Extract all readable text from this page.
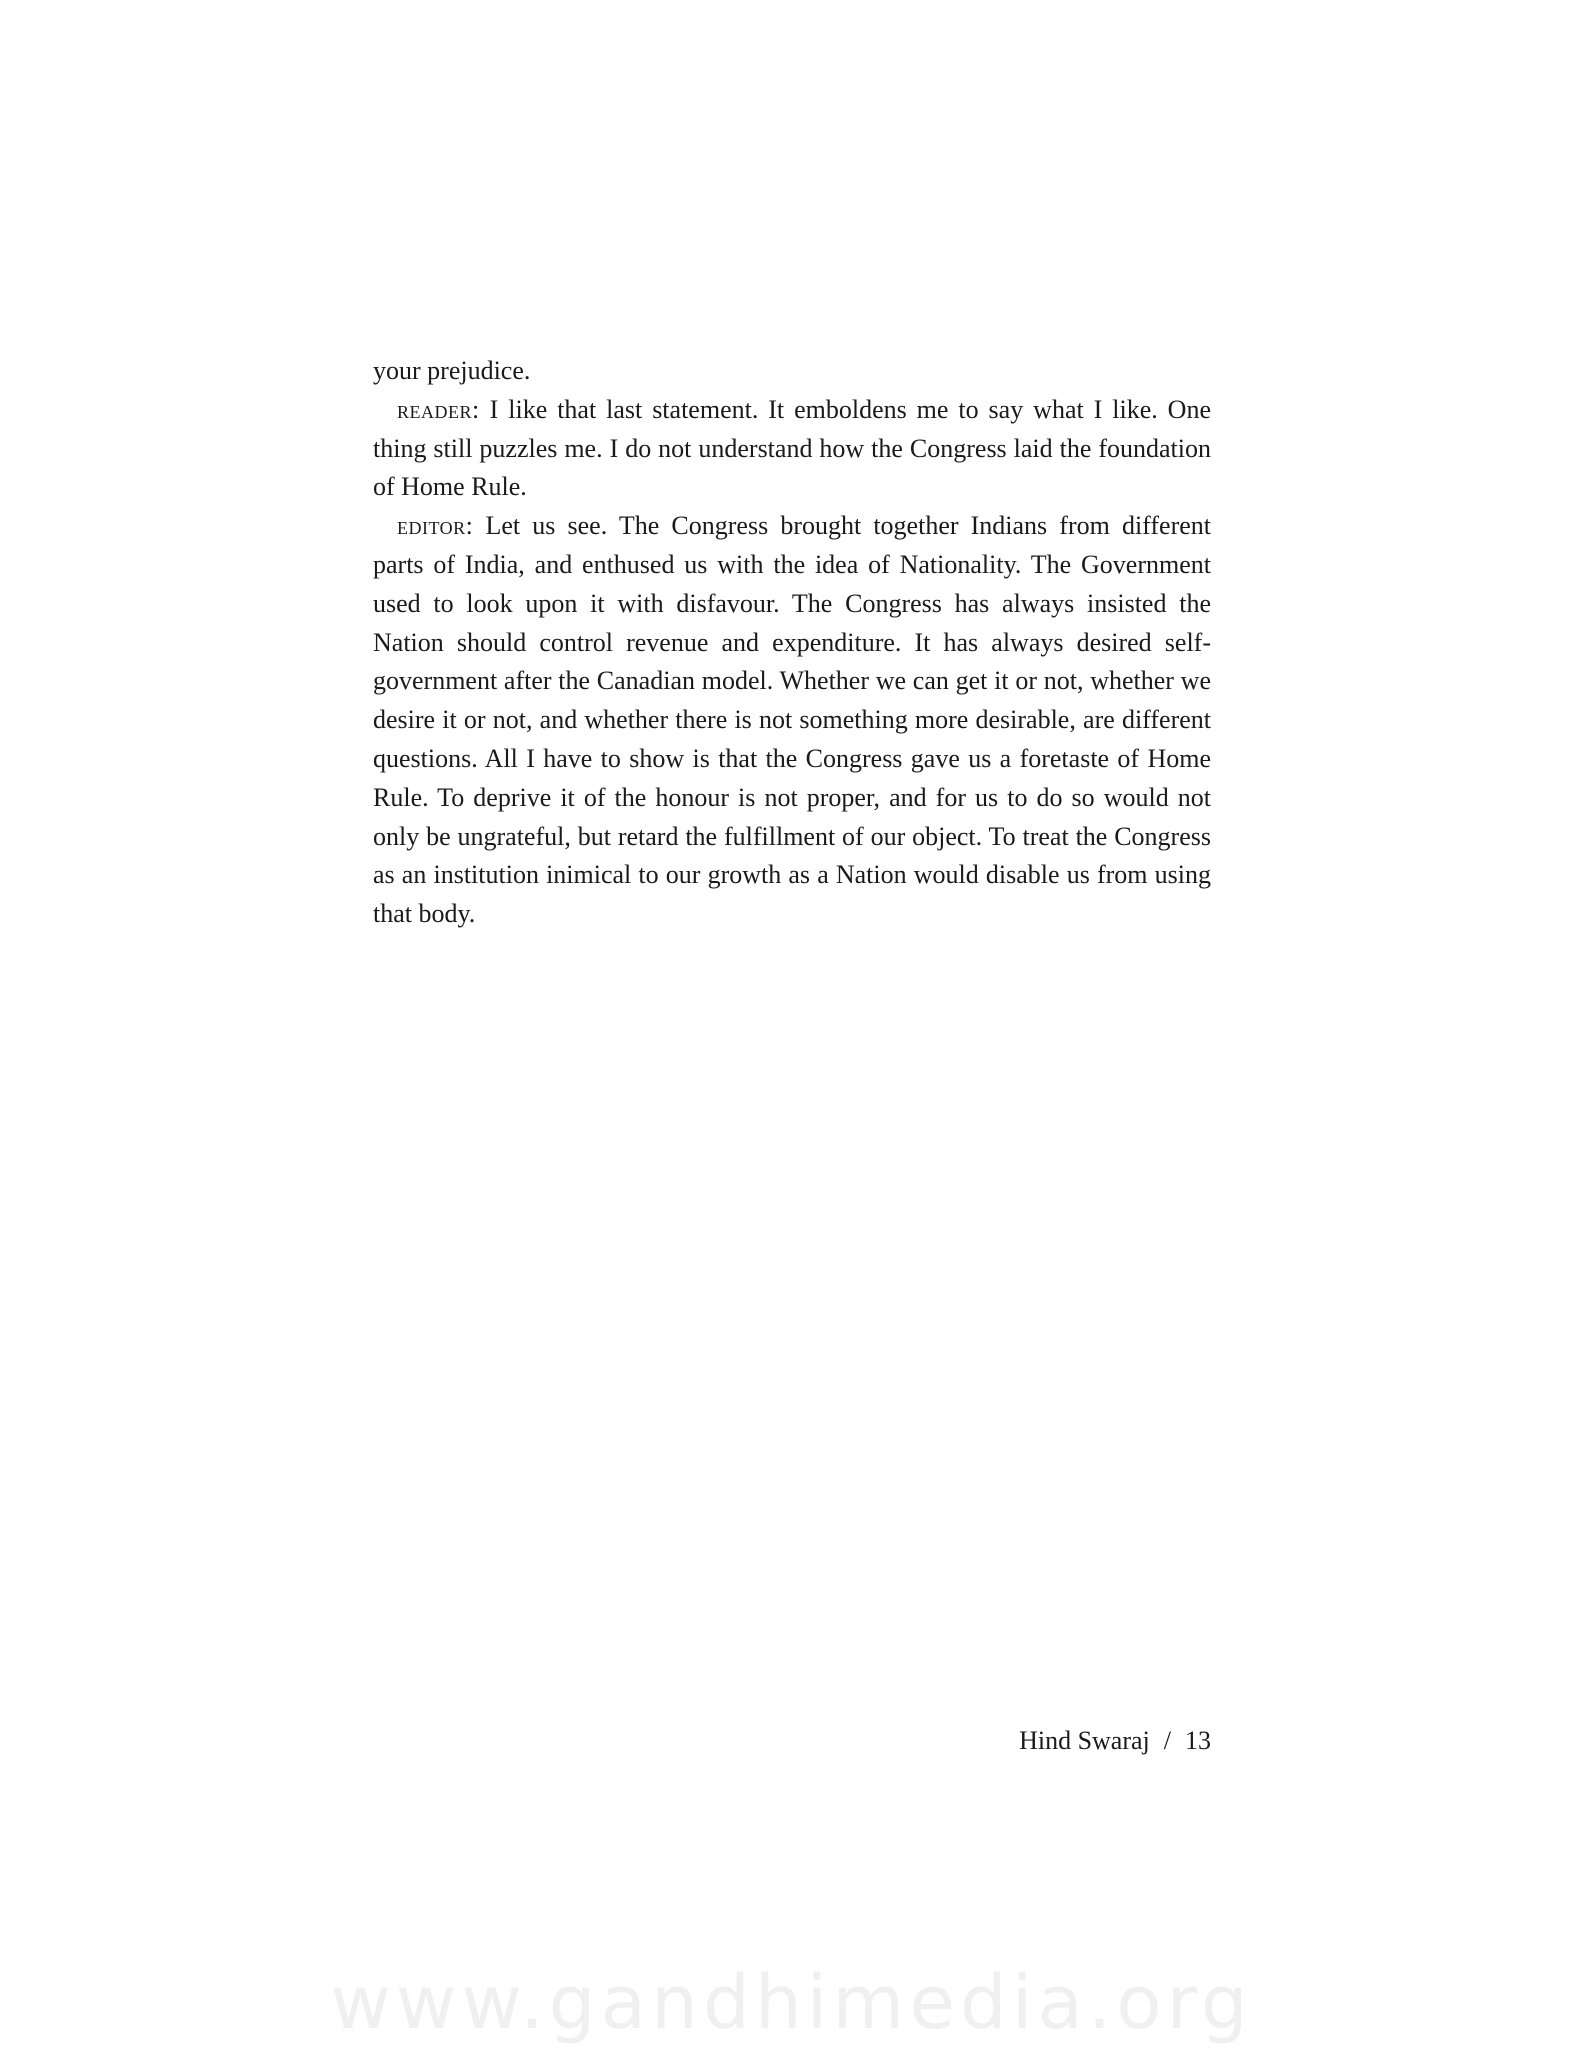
your prejudice.

reader: I like that last statement. It emboldens me to say what I like. One thing still puzzles me. I do not understand how the Congress laid the foundation of Home Rule.

editor: Let us see. The Congress brought together Indians from different parts of India, and enthused us with the idea of Nationality. The Government used to look upon it with disfavour. The Congress has always insisted the Nation should control revenue and expenditure. It has always desired self-government after the Canadian model. Whether we can get it or not, whether we desire it or not, and whether there is not something more desirable, are different questions. All I have to show is that the Congress gave us a foretaste of Home Rule. To deprive it of the honour is not proper, and for us to do so would not only be ungrateful, but retard the fulfillment of our object. To treat the Congress as an institution inimical to our growth as a Nation would disable us from using that body.

Hind Swaraj / 13
www.gandhimedia.org
